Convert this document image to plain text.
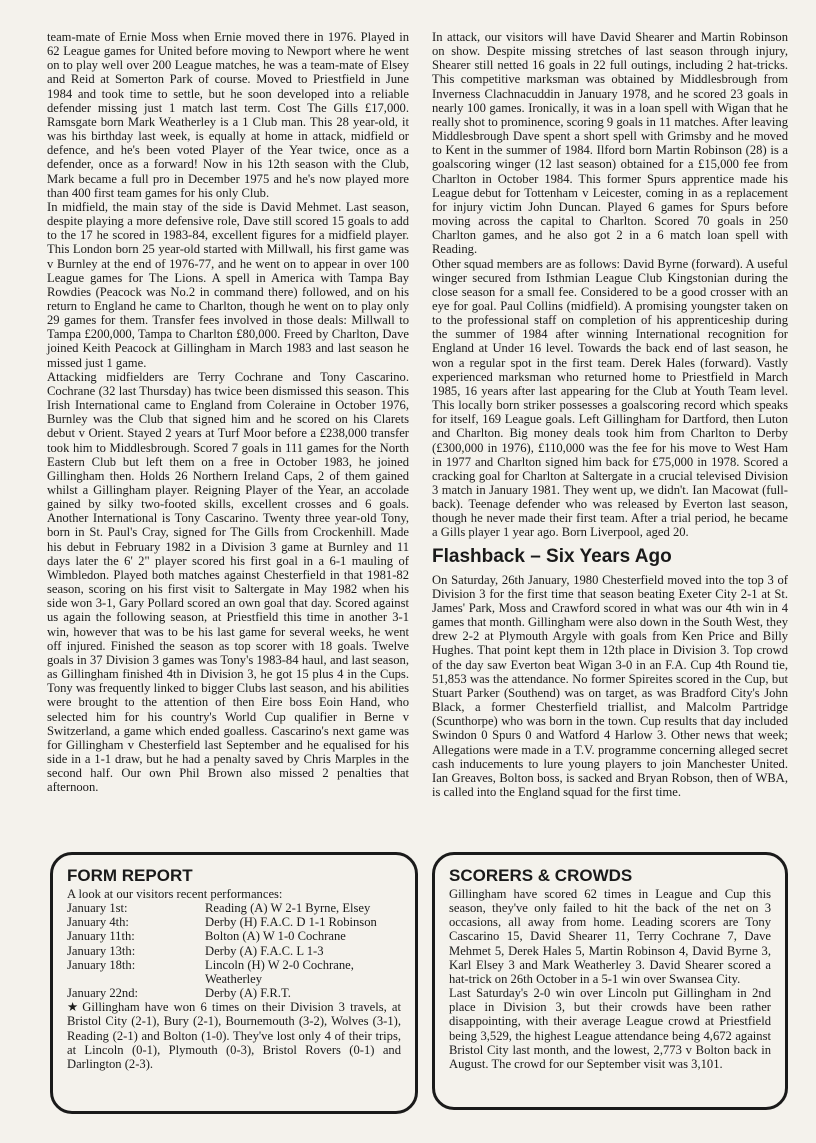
team-mate of Ernie Moss when Ernie moved there in 1976. Played in 62 League games for United before moving to Newport where he went on to play well over 200 League matches, he was a team-mate of Elsey and Reid at Somerton Park of course. Moved to Priestfield in June 1984 and took time to settle, but he soon developed into a reliable defender missing just 1 match last term. Cost The Gills £17,000. Ramsgate born Mark Weatherley is a 1 Club man. This 28 year-old, it was his birthday last week, is equally at home in attack, midfield or defence, and he's been voted Player of the Year twice, once as a defender, once as a forward! Now in his 12th season with the Club, Mark became a full pro in December 1975 and he's now played more than 400 first team games for his only Club.

In midfield, the main stay of the side is David Mehmet. Last season, despite playing a more defensive role, Dave still scored 15 goals to add to the 17 he scored in 1983-84, excellent figures for a midfield player. This London born 25 year-old started with Millwall, his first game was v Burnley at the end of 1976-77, and he went on to appear in over 100 League games for The Lions. A spell in America with Tampa Bay Rowdies (Peacock was No.2 in command there) followed, and on his return to England he came to Charlton, though he went on to play only 29 games for them. Transfer fees involved in those deals: Millwall to Tampa £200,000, Tampa to Charlton £80,000. Freed by Charlton, Dave joined Keith Peacock at Gillingham in March 1983 and last season he missed just 1 game.

Attacking midfielders are Terry Cochrane and Tony Cascarino. Cochrane (32 last Thursday) has twice been dismissed this season. This Irish International came to England from Coleraine in October 1976, Burnley was the Club that signed him and he scored on his Clarets debut v Orient. Stayed 2 years at Turf Moor before a £238,000 transfer took him to Middlesbrough. Scored 7 goals in 111 games for the North Eastern Club but left them on a free in October 1983, he joined Gillingham then. Holds 26 Northern Ireland Caps, 2 of them gained whilst a Gillingham player. Reigning Player of the Year, an accolade gained by silky two-footed skills, excellent crosses and 6 goals. Another International is Tony Cascarino. Twenty three year-old Tony, born in St. Paul's Cray, signed for The Gills from Crockenhill. Made his debut in February 1982 in a Division 3 game at Burnley and 11 days later the 6' 2" player scored his first goal in a 6-1 mauling of Wimbledon. Played both matches against Chesterfield in that 1981-82 season, scoring on his first visit to Saltergate in May 1982 when his side won 3-1, Gary Pollard scored an own goal that day. Scored against us again the following season, at Priestfield this time in another 3-1 win, however that was to be his last game for several weeks, he went off injured. Finished the season as top scorer with 18 goals. Twelve goals in 37 Division 3 games was Tony's 1983-84 haul, and last season, as Gillingham finished 4th in Division 3, he got 15 plus 4 in the Cups. Tony was frequently linked to bigger Clubs last season, and his abilities were brought to the attention of then Eire boss Eoin Hand, who selected him for his country's World Cup qualifier in Berne v Switzerland, a game which ended goalless. Cascarino's next game was for Gillingham v Chesterfield last September and he equalised for his side in a 1-1 draw, but he had a penalty saved by Chris Marples in the second half. Our own Phil Brown also missed 2 penalties that afternoon.

In attack, our visitors will have David Shearer and Martin Robinson on show. Despite missing stretches of last season through injury, Shearer still netted 16 goals in 22 full outings, including 2 hat-tricks. This competitive marksman was obtained by Middlesbrough from Inverness Clachnacuddin in January 1978, and he scored 23 goals in nearly 100 games. Ironically, it was in a loan spell with Wigan that he really shot to prominence, scoring 9 goals in 11 matches. After leaving Middlesbrough Dave spent a short spell with Grimsby and he moved to Kent in the summer of 1984. Ilford born Martin Robinson (28) is a goalscoring winger (12 last season) obtained for a £15,000 fee from Charlton in October 1984. This former Spurs apprentice made his League debut for Tottenham v Leicester, coming in as a replacement for injury victim John Duncan. Played 6 games for Spurs before moving across the capital to Charlton. Scored 70 goals in 250 Charlton games, and he also got 2 in a 6 match loan spell with Reading.

Other squad members are as follows: David Byrne (forward). A useful winger secured from Isthmian League Club Kingstonian during the close season for a small fee. Considered to be a good crosser with an eye for goal. Paul Collins (midfield). A promising youngster taken on to the professional staff on completion of his apprenticeship during the summer of 1984 after winning International recognition for England at Under 16 level. Towards the back end of last season, he won a regular spot in the first team. Derek Hales (forward). Vastly experienced marksman who returned home to Priestfield in March 1985, 16 years after last appearing for the Club at Youth Team level. This locally born striker possesses a goalscoring record which speaks for itself, 169 League goals. Left Gillingham for Dartford, then Luton and Charlton. Big money deals took him from Charlton to Derby (£300,000 in 1976), £110,000 was the fee for his move to West Ham in 1977 and Charlton signed him back for £75,000 in 1978. Scored a cracking goal for Charlton at Saltergate in a crucial televised Division 3 match in January 1981. They went up, we didn't. Ian Macowat (full-back). Teenage defender who was released by Everton last season, though he never made their first team. After a trial period, he became a Gills player 1 year ago. Born Liverpool, aged 20.

Flashback – Six Years Ago

On Saturday, 26th January, 1980 Chesterfield moved into the top 3 of Division 3 for the first time that season beating Exeter City 2-1 at St. James' Park, Moss and Crawford scored in what was our 4th win in 4 games that month. Gillingham were also down in the South West, they drew 2-2 at Plymouth Argyle with goals from Ken Price and Billy Hughes. That point kept them in 12th place in Division 3. Top crowd of the day saw Everton beat Wigan 3-0 in an F.A. Cup 4th Round tie, 51,853 was the attendance. No former Spireites scored in the Cup, but Stuart Parker (Southend) was on target, as was Bradford City's John Black, a former Chesterfield triallist, and Malcolm Partridge (Scunthorpe) who was born in the town. Cup results that day included Swindon 0 Spurs 0 and Watford 4 Harlow 3. Other news that week; Allegations were made in a T.V. programme concerning alleged secret cash inducements to lure young players to join Manchester United. Ian Greaves, Bolton boss, is sacked and Bryan Robson, then of WBA, is called into the England squad for the first time.

FORM REPORT
A look at our visitors recent performances:
January 1st:	Reading (A) W 2-1 Byrne, Elsey
January 4th:	Derby (H) F.A.C. D 1-1 Robinson
January 11th:	Bolton (A) W 1-0 Cochrane
January 13th:	Derby (A) F.A.C. L 1-3
January 18th:	Lincoln (H) W 2-0 Cochrane, Weatherley
January 22nd:	Derby (A) F.R.T.

★ Gillingham have won 6 times on their Division 3 travels, at Bristol City (2-1), Bury (2-1), Bournemouth (3-2), Wolves (3-1), Reading (2-1) and Bolton (1-0). They've lost only 4 of their trips, at Lincoln (0-1), Plymouth (0-3), Bristol Rovers (0-1) and Darlington (2-3).

SCORERS & CROWDS

Gillingham have scored 62 times in League and Cup this season, they've only failed to hit the back of the net on 3 occasions, all away from home. Leading scorers are Tony Cascarino 15, David Shearer 11, Terry Cochrane 7, Dave Mehmet 5, Derek Hales 5, Martin Robinson 4, David Byrne 3, Karl Elsey 3 and Mark Weatherley 3. David Shearer scored a hat-trick on 26th October in a 5-1 win over Swansea City.

Last Saturday's 2-0 win over Lincoln put Gillingham in 2nd place in Division 3, but their crowds have been rather disappointing, with their average League crowd at Priestfield being 3,529, the highest League attendance being 4,672 against Bristol City last month, and the lowest, 2,773 v Bolton back in August. The crowd for our September visit was 3,101.
